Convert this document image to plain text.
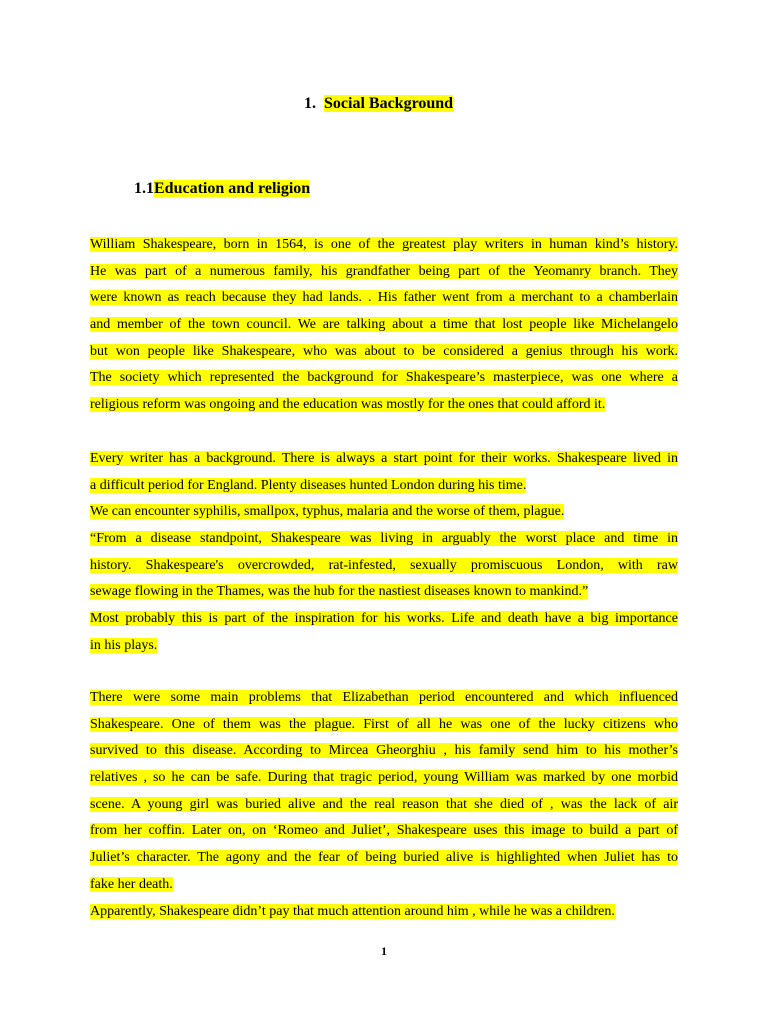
1. Social Background
1.1Education and religion
William Shakespeare, born in 1564, is one of the greatest play writers in human kind’s history.
He was part of a numerous family, his grandfather being part of the Yeomanry branch. They
were known as reach because they had lands. . His father went from a merchant to a chamberlain
and member of the town council. We are talking about a time that lost people like Michelangelo
but won people like Shakespeare, who was about to be considered a genius through his work.
The society which represented the background for Shakespeare’s masterpiece, was one where a
religious reform was ongoing and the education was mostly for the ones that could afford it.
Every writer has a background. There is always a start point for their works. Shakespeare lived in
a difficult period for England. Plenty diseases hunted London during his time.
We can encounter syphilis, smallpox, typhus, malaria and the worse of them, plague.
“From a disease standpoint, Shakespeare was living in arguably the worst place and time in
history. Shakespeare's overcrowded, rat-infested, sexually promiscuous London, with raw
sewage flowing in the Thames, was the hub for the nastiest diseases known to mankind.”
Most probably this is part of the inspiration for his works. Life and death have a big importance
in his plays.
There were some main problems that Elizabethan period encountered and which influenced
Shakespeare. One of them was the plague. First of all he was one of the lucky citizens who
survived to this disease. According to Mircea Gheorghiu , his family send him to his mother’s
relatives , so he can be safe. During that tragic period, young William was marked by one morbid
scene. A young girl was buried alive and the real reason that she died of , was the lack of air
from her coffin. Later on, on ‘Romeo and Juliet’, Shakespeare uses this image to build a part of
Juliet’s character. The agony and the fear of being buried alive is highlighted when Juliet has to
fake her death.
Apparently, Shakespeare didn’t pay that much attention around him , while he was a children.
1
